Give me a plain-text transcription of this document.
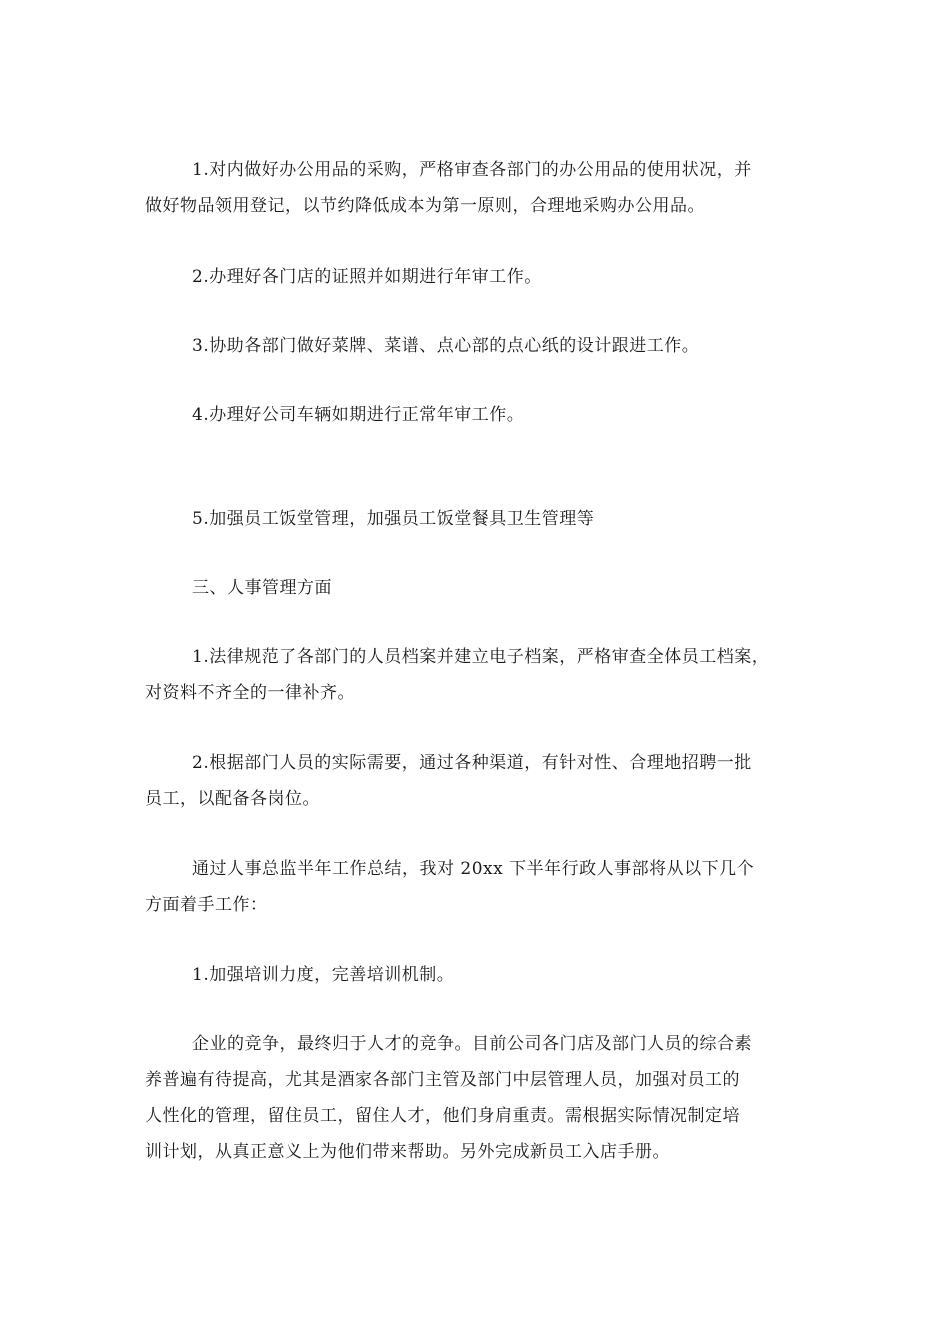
1.对内做好办公用品的采购，严格审查各部门的办公用品的使用状况，并
做好物品领用登记，以节约降低成本为第一原则，合理地采购办公用品。

2.办理好各门店的证照并如期进行年审工作。

3.协助各部门做好菜牌、菜谱、点心部的点心纸的设计跟进工作。

4.办理好公司车辆如期进行正常年审工作。

5.加强员工饭堂管理，加强员工饭堂餐具卫生管理等

三、人事管理方面

1.法律规范了各部门的人员档案并建立电子档案，严格审查全体员工档案，
对资料不齐全的一律补齐。

2.根据部门人员的实际需要，通过各种渠道，有针对性、合理地招聘一批
员工，以配备各岗位。

通过人事总监半年工作总结，我对 20xx 下半年行政人事部将从以下几个
方面着手工作：

1.加强培训力度，完善培训机制。

企业的竞争，最终归于人才的竞争。目前公司各门店及部门人员的综合素
养普遍有待提高，尤其是酒家各部门主管及部门中层管理人员，加强对员工的
人性化的管理，留住员工，留住人才，他们身肩重责。需根据实际情况制定培
训计划，从真正意义上为他们带来帮助。另外完成新员工入店手册。
